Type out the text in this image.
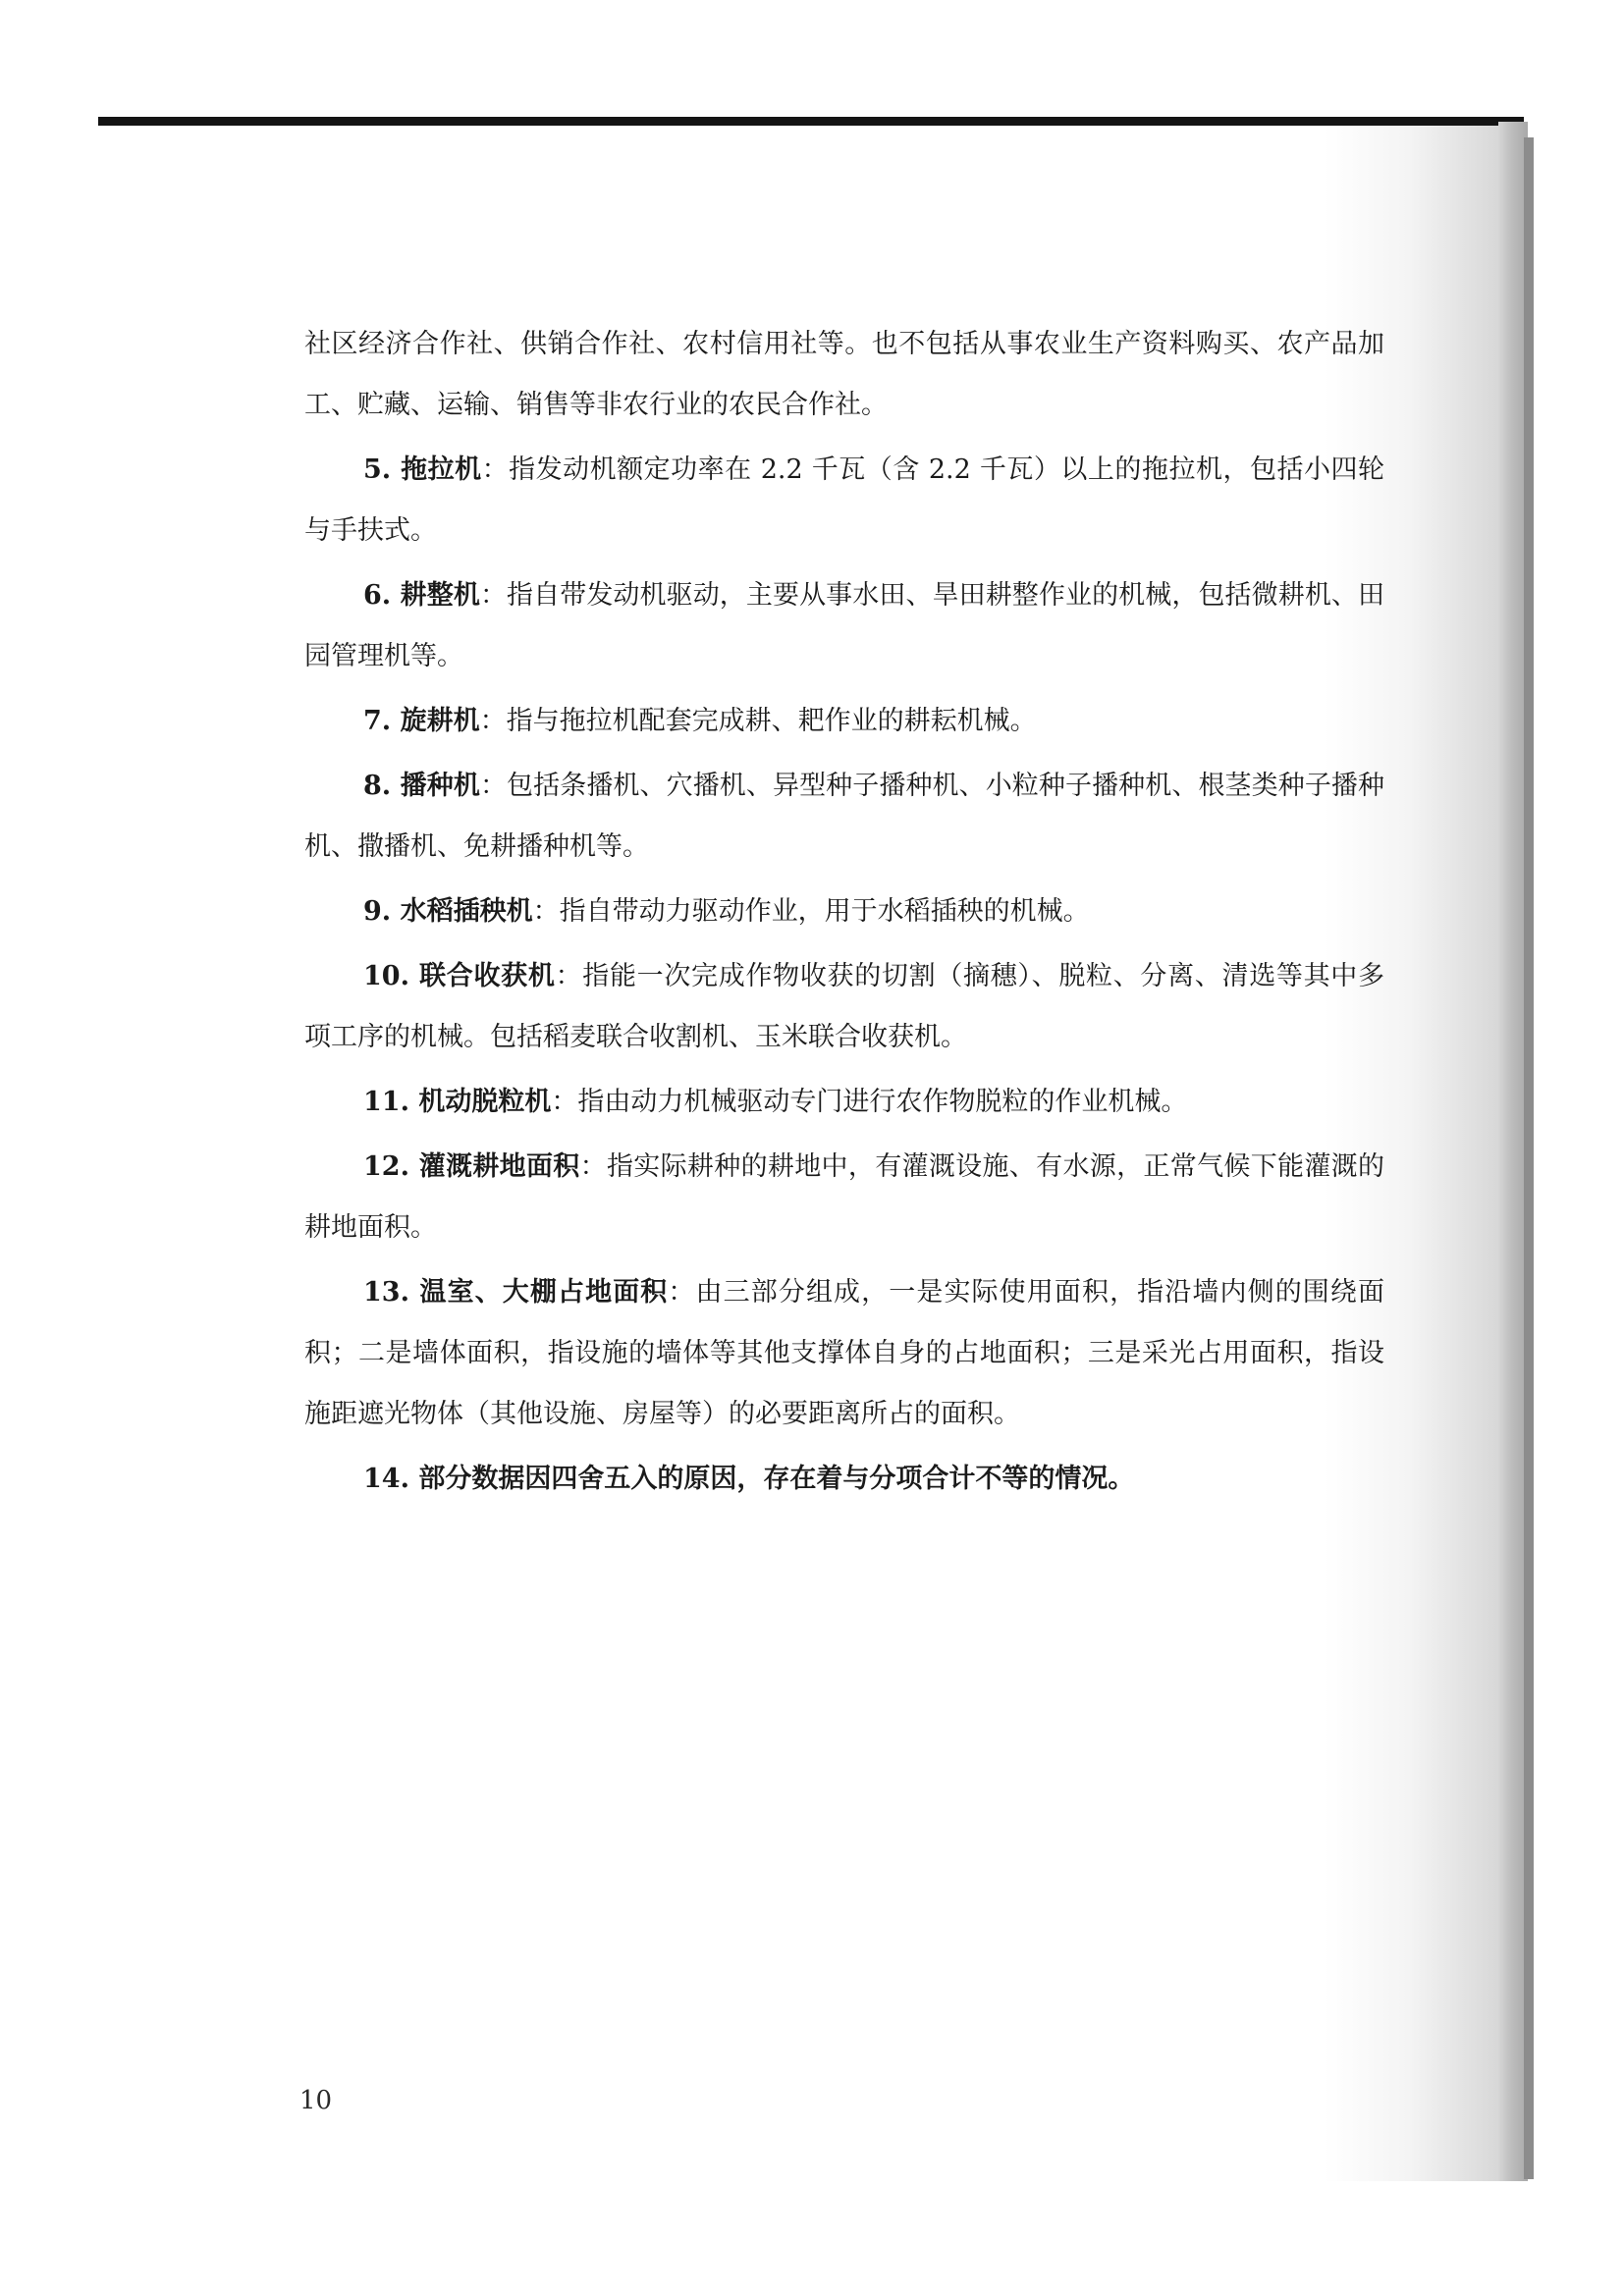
社区经济合作社、供销合作社、农村信用社等。也不包括从事农业生产资料购买、农产品加工、贮藏、运输、销售等非农行业的农民合作社。

5. 拖拉机：指发动机额定功率在 2.2 千瓦（含 2.2 千瓦）以上的拖拉机，包括小四轮与手扶式。

6. 耕整机：指自带发动机驱动，主要从事水田、旱田耕整作业的机械，包括微耕机、田园管理机等。

7. 旋耕机：指与拖拉机配套完成耕、耙作业的耕耘机械。

8. 播种机：包括条播机、穴播机、异型种子播种机、小粒种子播种机、根茎类种子播种机、撒播机、免耕播种机等。

9. 水稻插秧机：指自带动力驱动作业，用于水稻插秧的机械。

10. 联合收获机：指能一次完成作物收获的切割（摘穗）、脱粒、分离、清选等其中多项工序的机械。包括稻麦联合收割机、玉米联合收获机。

11. 机动脱粒机：指由动力机械驱动专门进行农作物脱粒的作业机械。

12. 灌溉耕地面积：指实际耕种的耕地中，有灌溉设施、有水源，正常气候下能灌溉的耕地面积。

13. 温室、大棚占地面积：由三部分组成，一是实际使用面积，指沿墙内侧的围绕面积；二是墙体面积，指设施的墙体等其他支撑体自身的占地面积；三是采光占用面积，指设施距遮光物体（其他设施、房屋等）的必要距离所占的面积。

14. 部分数据因四舍五入的原因，存在着与分项合计不等的情况。

10
